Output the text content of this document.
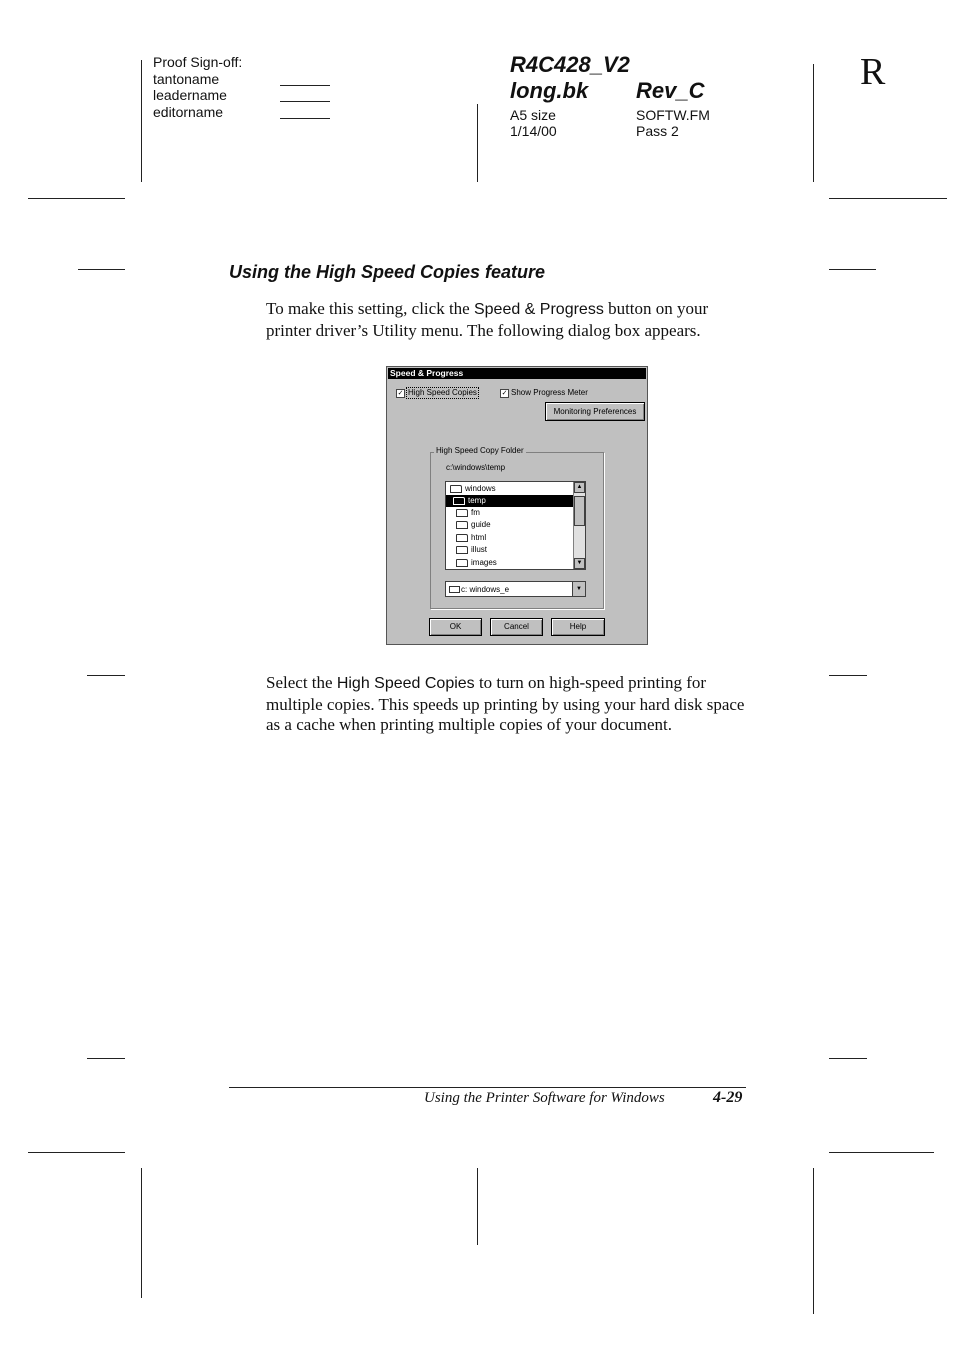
Proof Sign-off:
tantoname
leadername
editorname
R4C428_V2
long.bk Rev_C
A5 size
1/14/00
SOFTW.FM
Pass 2
R
Using the High Speed Copies feature
To make this setting, click the Speed & Progress button on your printer driver’s Utility menu. The following dialog box appears.
Speed & Progress
✓ High Speed Copies	✓ Show Progress Meter
Monitoring Preferences
High Speed Copy Folder
c:\windows\temp
windows
temp
fm
guide
html
illust
images
▲
▼
c: windows_e	▼
OK	Cancel	Help
Select the High Speed Copies to turn on high-speed printing for multiple copies. This speeds up printing by using your hard disk space as a cache when printing multiple copies of your document.
Using the Printer Software for Windows	4-29
